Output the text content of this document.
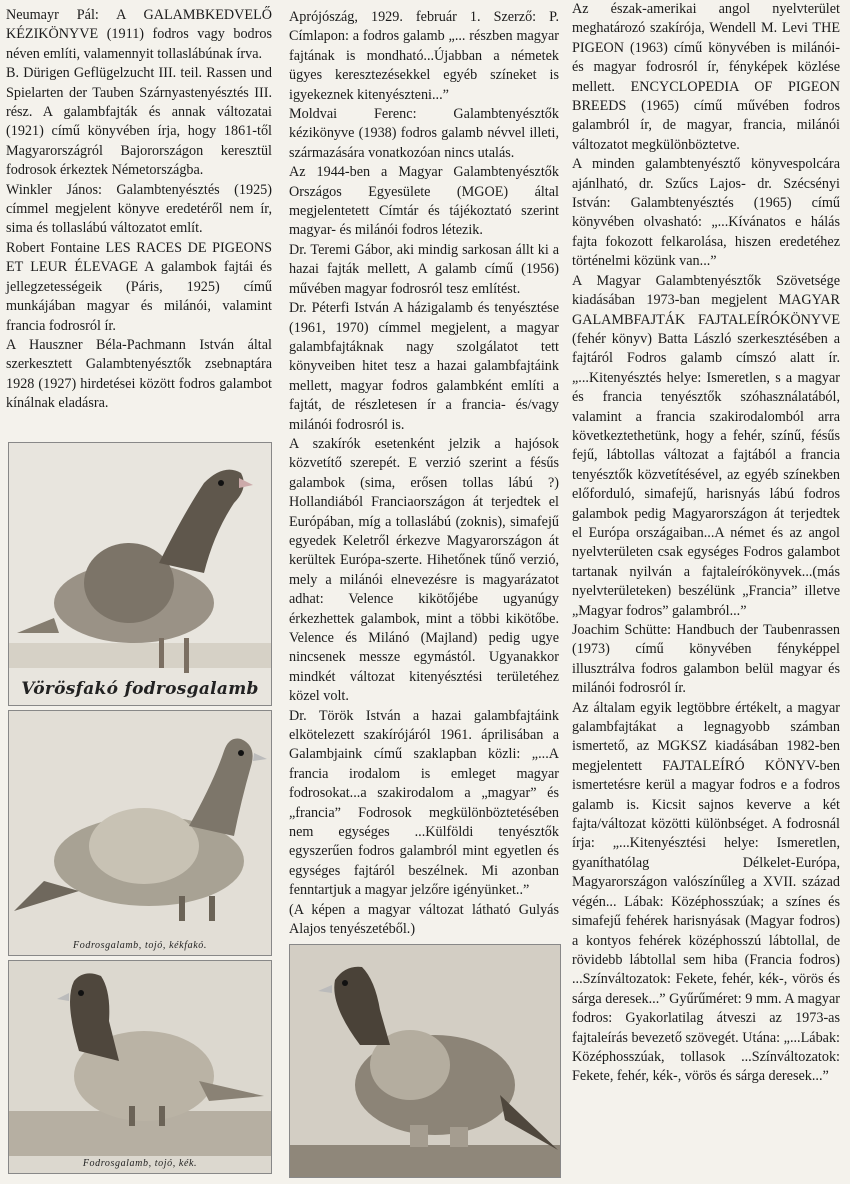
Neumayr Pál: A GALAMBKEDVELŐ KÉZIKÖNYVE (1911) fodros vagy bodros néven említi, valamennyit tollaslábúnak írva.

B. Dürigen Geflügelzucht III. teil. Rassen und Spielarten der Tauben Szárnyastenyésztés III. rész. A galambfajták és annak változatai (1921) című könyvében írja, hogy 1861-től Magyarországról Bajorországon keresztül fodrosok érkeztek Németországba.

Winkler János: Galambtenyésztés (1925) címmel megjelent könyve eredetéről nem ír, sima és tollaslábú változatot említ.

Robert Fontaine LES RACES DE PIGEONS ET LEUR ÉLEVAGE A galambok fajtái és jellegzetességeik (Páris, 1925) című munkájában magyar és milánói, valamint francia fodrosról ír.

A Hauszner Béla-Pachmann István által szerkesztett Galambtenyésztők zsebnaptára 1928 (1927) hirdetései között fodros galambot kínálnak eladásra.

Aprójószág, 1929. február 1. Szerző: P. Címlapon: a fodros galamb „... részben magyar fajtának is mondható...Újabban a németek ügyes keresztezésekkel egyéb színeket is igyekeznek kitenyészteni...”

Moldvai Ferenc: Galambtenyésztők kézikönyve (1938) fodros galamb névvel illeti, származására vonatkozóan nincs utalás.

Az 1944-ben a Magyar Galambtenyésztők Országos Egyesülete (MGOE) által megjelentetett Címtár és tájékoztató szerint magyar- és milánói fodros létezik.

Dr. Teremi Gábor, aki mindig sarkosan állt ki a hazai fajták mellett, A galamb című (1956) művében magyar fodrosról tesz említést.

Dr. Péterfi István A házigalamb és tenyésztése (1961, 1970) címmel megjelent, a magyar galambfajtáknak nagy szolgálatot tett könyveiben hitet tesz a hazai galambfajtáink mellett, magyar fodros galambként említi a fajtát, de részletesen ír a francia- és/vagy milánói fodrosról is.

A szakírók esetenként jelzik a hajósok közvetítő szerepét. E verzió szerint a fésűs galambok (sima, erősen tollas lábú ?) Hollandiából Franciaországon át terjedtek el Európában, míg a tollaslábú (zoknis), simafejű egyedek Keletről érkezve Magyarországon át kerültek Európa-szerte. Hihetőnek tűnő verzió, mely a milánói elnevezésre is magyarázatot adhat: Velence kikötőjébe ugyanúgy érkezhettek galambok, mint a többi kikötőbe. Velence és Milánó (Majland) pedig ugye nincsenek messze egymástól. Ugyanakkor mindkét változat kitenyésztési területéhez közel volt.

Dr. Török István a hazai galambfajtáink elkötelezett szakírójáról 1961. áprilisában a Galambjaink című szaklapban közli: „...A francia irodalom is emleget magyar fodrosokat...a szakirodalom a „magyar” és „francia” Fodrosok megkülönböztetésében nem egységes ...Külföldi tenyésztők egyszerűen fodros galambról mint egyetlen és egységes fajtáról beszélnek. Mi azonban fenntartjuk a magyar jelzőre igényünket..”

(A képen a magyar változat látható Gulyás Alajos tenyészetéből.)

Az észak-amerikai angol nyelvterület meghatározó szakírója, Wendell M. Levi THE PIGEON (1963) című könyvében is milánói- és magyar fodrosról ír, fényképek közlése mellett. ENCYCLOPEDIA OF PIGEON BREEDS (1965) című művében fodros galambról ír, de magyar, francia, milánói változatot megkülönböztetve.

A minden galambtenyésztő könyvespolcára ajánlható, dr. Szűcs Lajos- dr. Szécsényi István: Galambtenyésztés (1965) című könyvében olvasható: „...Kívánatos e hálás fajta fokozott felkarolása, hiszen eredetéhez történelmi közünk van...”

A Magyar Galambtenyésztők Szövetsége kiadásában 1973-ban megjelent MAGYAR GALAMBFAJTÁK FAJTALEÍRÓKÖNYVE (fehér könyv) Batta László szerkesztésében a fajtáról Fodros galamb címszó alatt ír. „...Kitenyésztés helye: Ismeretlen, s a magyar és francia tenyésztők szóhasználatából, valamint a francia szakirodalomból arra következtethetünk, hogy a fehér, színű, fésűs fejű, lábtollas változat a fajtából a francia tenyésztők közvetítésével, az egyéb színekben előforduló, simafejű, harisnyás lábú fodros galambok pedig Magyarországon át terjedtek el Európa országaiban...A német és az angol nyelvterületen csak egységes Fodros galambot tartanak nyilván a fajtaleírókönyvek...(más nyelvterületeken) beszélünk „Francia” illetve „Magyar fodros” galambról...”

Joachim Schütte: Handbuch der Taubenrassen (1973) című könyvében fényképpel illusztrálva fodros galambon belül magyar és milánói fodrosról ír.

Az általam egyik legtöbbre értékelt, a magyar galambfajtákat a legnagyobb számban ismertető, az MGKSZ kiadásában 1982-ben megjelentett FAJTALEÍRÓ KÖNYV-ben ismertetésre kerül a magyar fodros e a fodros galamb is. Kicsit sajnos keverve a két fajta/változat közötti különbséget. A fodrosnál írja: „...Kitenyésztési helye: Ismeretlen, gyaníthatólag Délkelet-Európa, Magyarországon valószínűleg a XVII. század végén... Lábak: Középhosszúak; a színes és simafejű fehérek harisnyásak (Magyar fodros) a kontyos fehérek középhosszú lábtollal, de rövidebb lábtollal sem hiba (Francia fodros) ...Színváltozatok: Fekete, fehér, kék-, vörös és sárga deresek...” Gyűrűméret: 9 mm. A magyar fodros: Gyakorlatilag átveszi az 1973-as fajtaleírás bevezető szövegét. Utána: „...Lábak: Középhosszúak, tollasok ...Színváltozatok: Fekete, fehér, kék-, vörös és sárga deresek...”

Vörösfakó fodrosgalamb
Fodrosgalamb, tojó, kékfakó.
Fodrosgalamb, tojó, kék.
